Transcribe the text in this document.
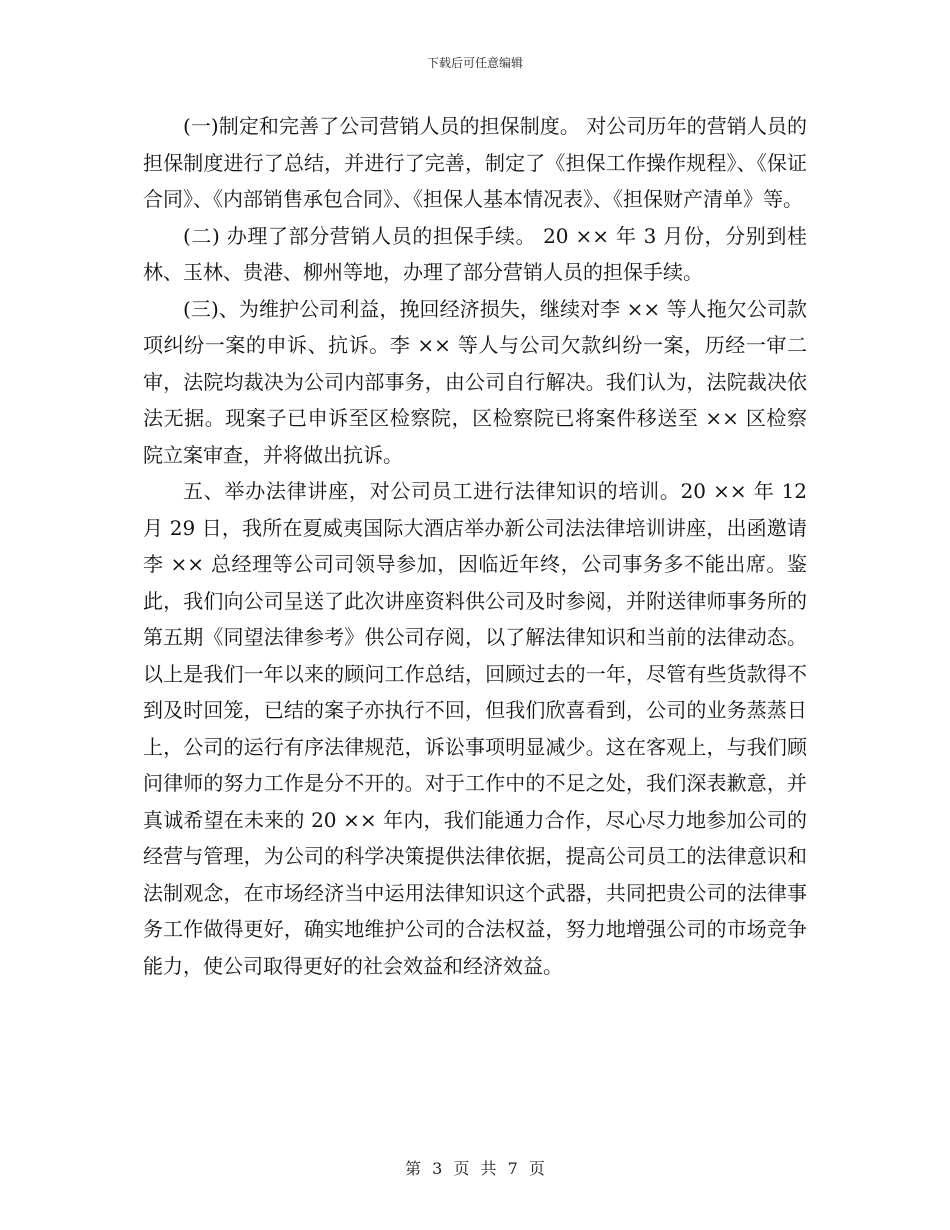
下载后可任意编辑

(一)制定和完善了公司营销人员的担保制度。 对公司历年的营销人员的担保制度进行了总结，并进行了完善，制定了《担保工作操作规程》、《保证合同》、《内部销售承包合同》、《担保人基本情况表》、《担保财产清单》等。

(二) 办理了部分营销人员的担保手续。 20 ×× 年 3 月份，分别到桂林、玉林、贵港、柳州等地，办理了部分营销人员的担保手续。

(三)、为维护公司利益，挽回经济损失，继续对李 ×× 等人拖欠公司款项纠纷一案的申诉、抗诉。李 ×× 等人与公司欠款纠纷一案，历经一审二审，法院均裁决为公司内部事务，由公司自行解决。我们认为，法院裁决依法无据。现案子已申诉至区检察院，区检察院已将案件移送至 ×× 区检察院立案审查，并将做出抗诉。

五、举办法律讲座，对公司员工进行法律知识的培训。20 ×× 年 12 月 29 日，我所在夏威夷国际大酒店举办新公司法法律培训讲座，出函邀请李 ×× 总经理等公司司领导参加，因临近年终，公司事务多不能出席。鉴此，我们向公司呈送了此次讲座资料供公司及时参阅，并附送律师事务所的第五期《同望法律参考》供公司存阅，以了解法律知识和当前的法律动态。以上是我们一年以来的顾问工作总结，回顾过去的一年，尽管有些货款得不到及时回笼，已结的案子亦执行不回，但我们欣喜看到，公司的业务蒸蒸日上，公司的运行有序法律规范，诉讼事项明显减少。这在客观上，与我们顾问律师的努力工作是分不开的。对于工作中的不足之处，我们深表歉意，并真诚希望在未来的 20 ×× 年内，我们能通力合作，尽心尽力地参加公司的经营与管理，为公司的科学决策提供法律依据，提高公司员工的法律意识和法制观念，在市场经济当中运用法律知识这个武器，共同把贵公司的法律事务工作做得更好，确实地维护公司的合法权益，努力地增强公司的市场竞争能力，使公司取得更好的社会效益和经济效益。

第 3 页 共 7 页
